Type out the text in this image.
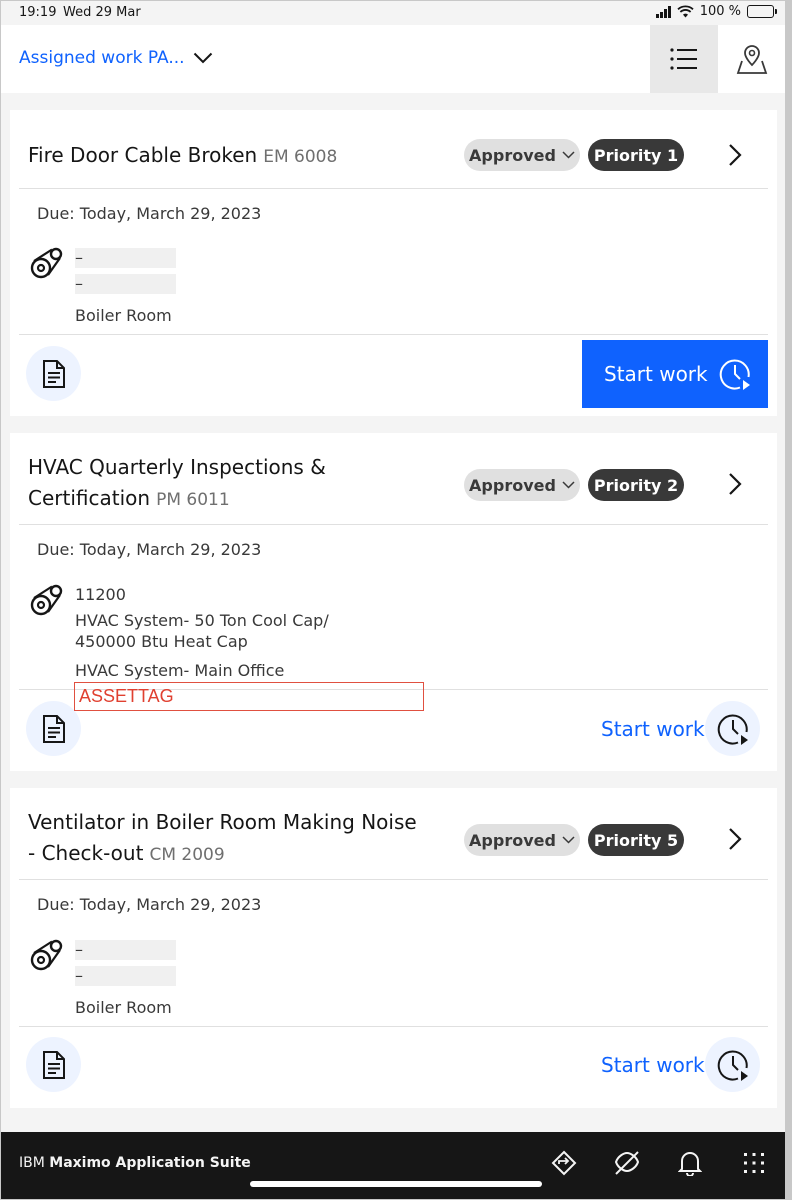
19:19 Wed 29 Mar	100 %
Assigned work PA...
Fire Door Cable Broken EM 6008	Approved	Priority 1
Due: Today, March 29, 2023
–
–
Boiler Room
Start work
HVAC Quarterly Inspections & Certification PM 6011
Approved	Priority 2
Due: Today, March 29, 2023
11200
HVAC System- 50 Ton Cool Cap/
450000 Btu Heat Cap
HVAC System- Main Office
Start work
ASSETTAG
Ventilator in Boiler Room Making Noise - Check-out CM 2009
Approved	Priority 5
Due: Today, March 29, 2023
–
–
Boiler Room
Start work
IBM Maximo Application Suite
